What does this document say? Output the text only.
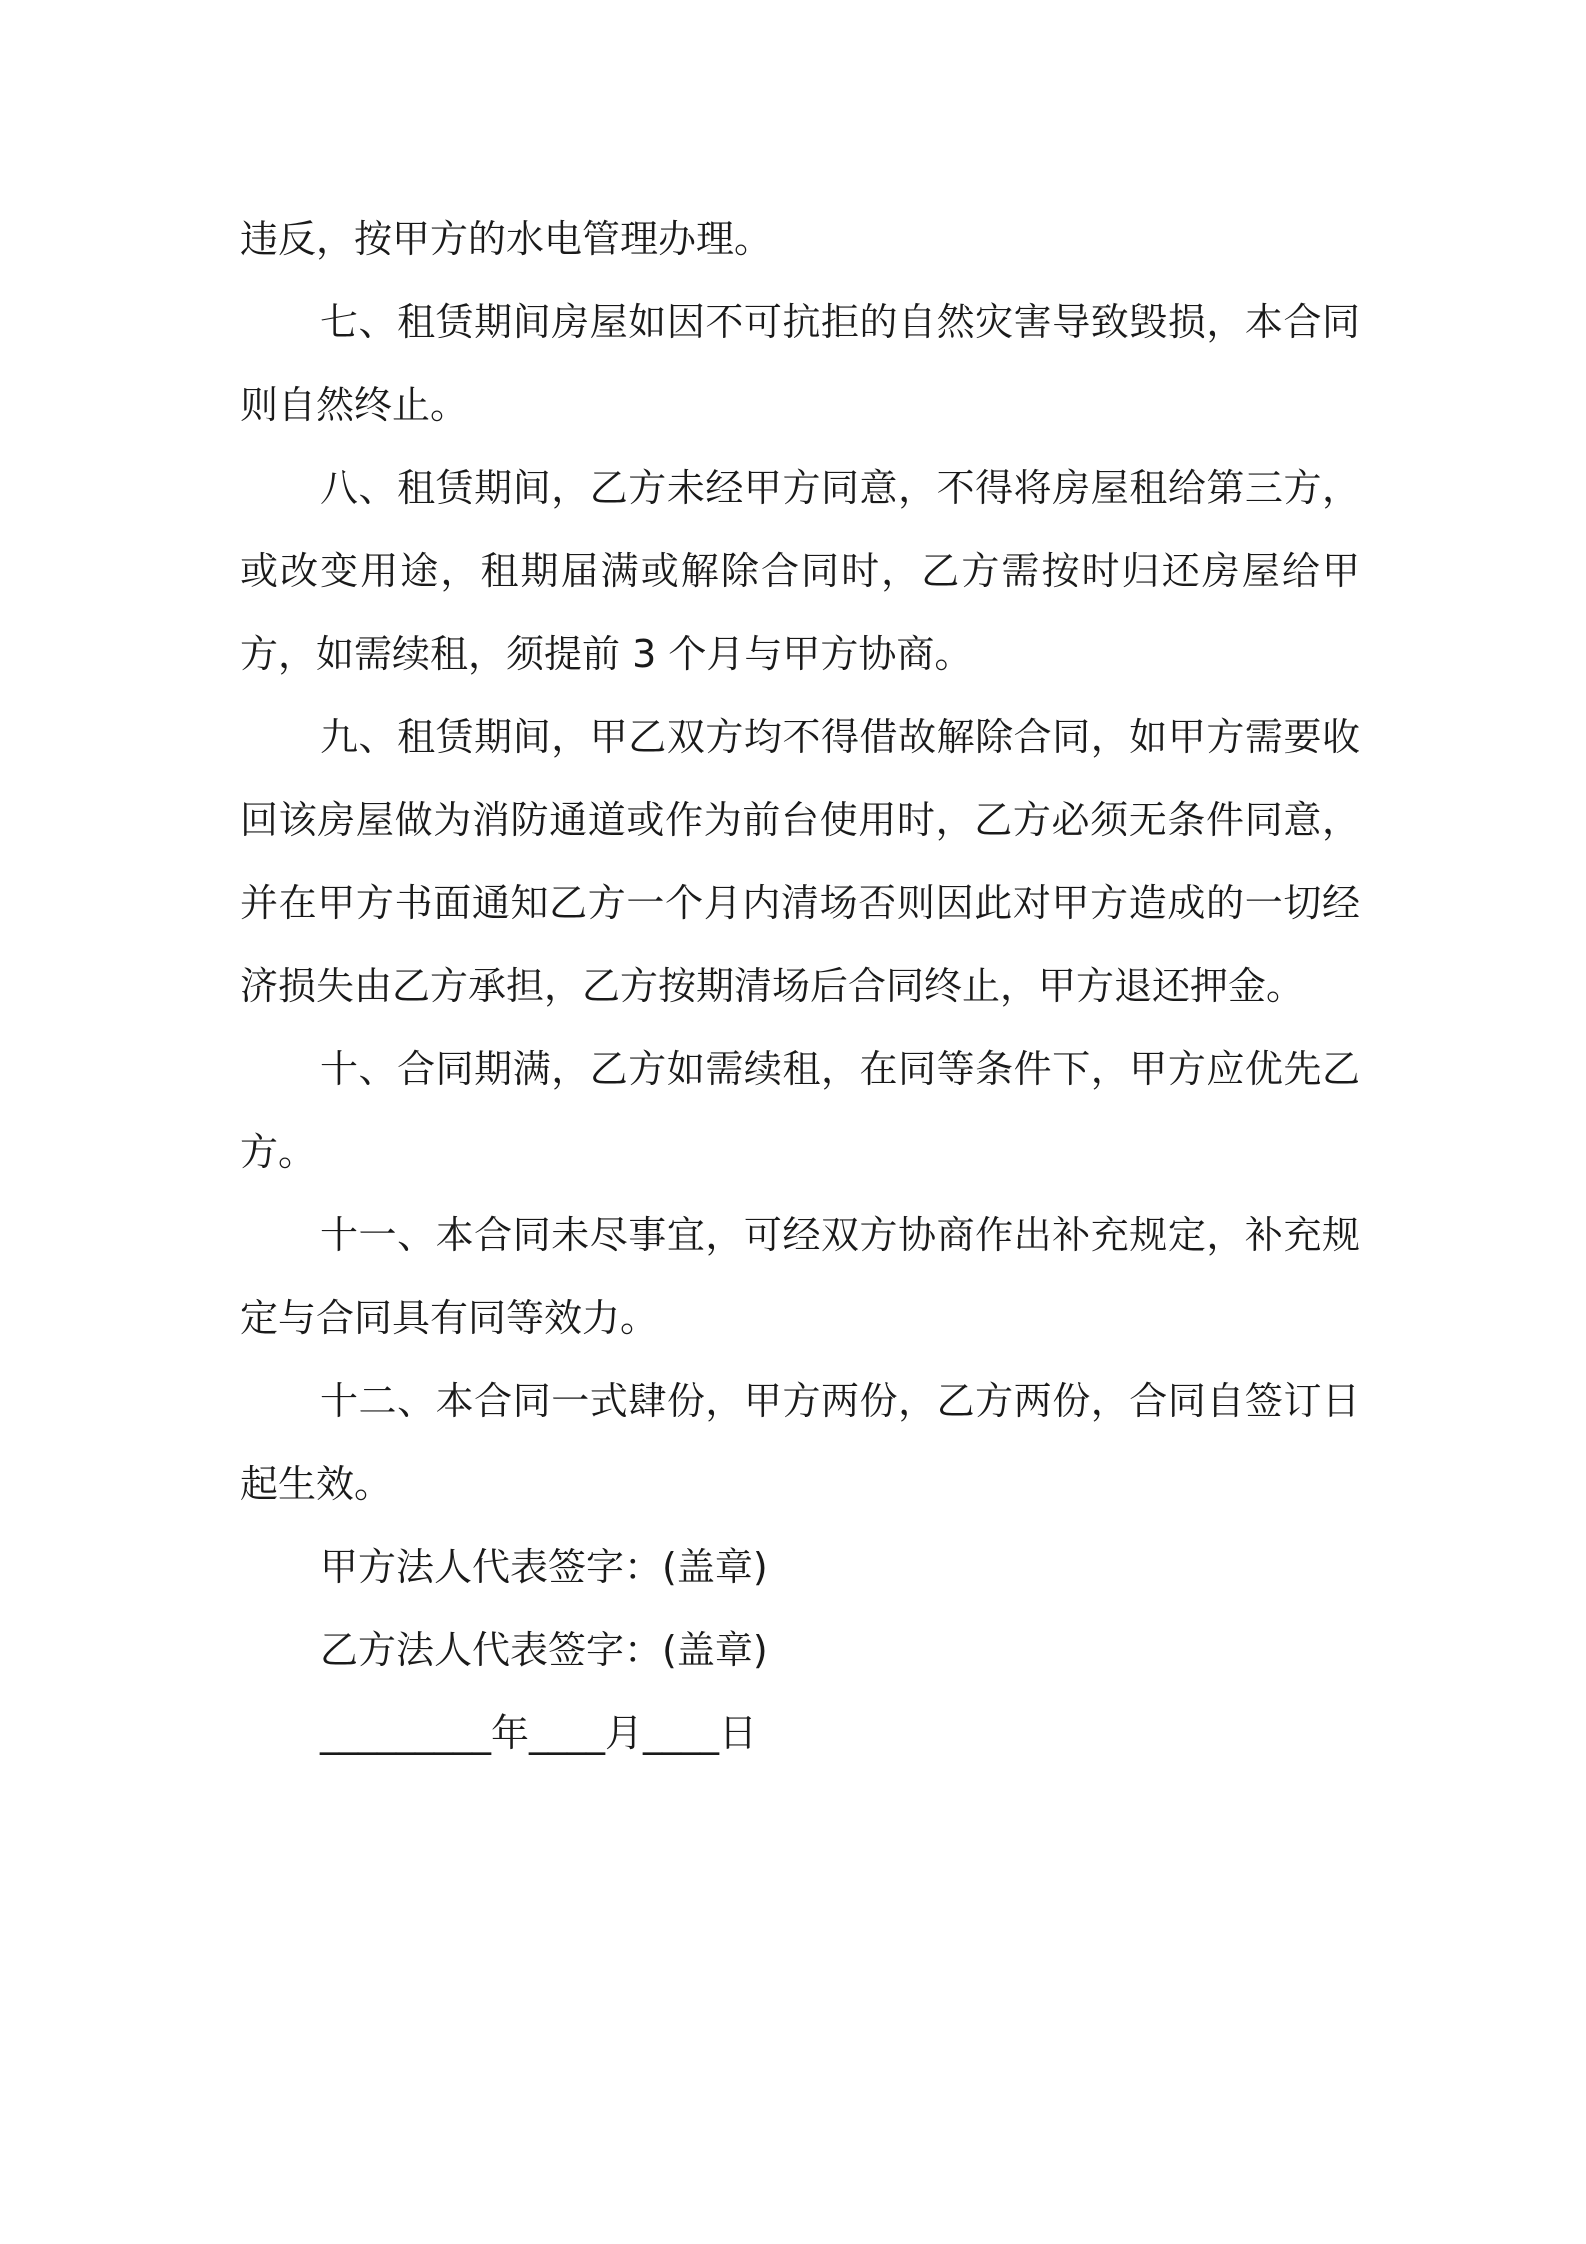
违反，按甲方的水电管理办理。

七、租赁期间房屋如因不可抗拒的自然灾害导致毁损，本合同则自然终止。

八、租赁期间，乙方未经甲方同意，不得将房屋租给第三方，或改变用途，租期届满或解除合同时，乙方需按时归还房屋给甲方，如需续租，须提前 3 个月与甲方协商。

九、租赁期间，甲乙双方均不得借故解除合同，如甲方需要收回该房屋做为消防通道或作为前台使用时，乙方必须无条件同意，并在甲方书面通知乙方一个月内清场否则因此对甲方造成的一切经济损失由乙方承担，乙方按期清场后合同终止，甲方退还押金。

十、合同期满，乙方如需续租，在同等条件下，甲方应优先乙方。

十一、本合同未尽事宜，可经双方协商作出补充规定，补充规定与合同具有同等效力。

十二、本合同一式肆份，甲方两份，乙方两份，合同自签订日起生效。

甲方法人代表签字：(盖章)

乙方法人代表签字：(盖章)

_________年____月____日
